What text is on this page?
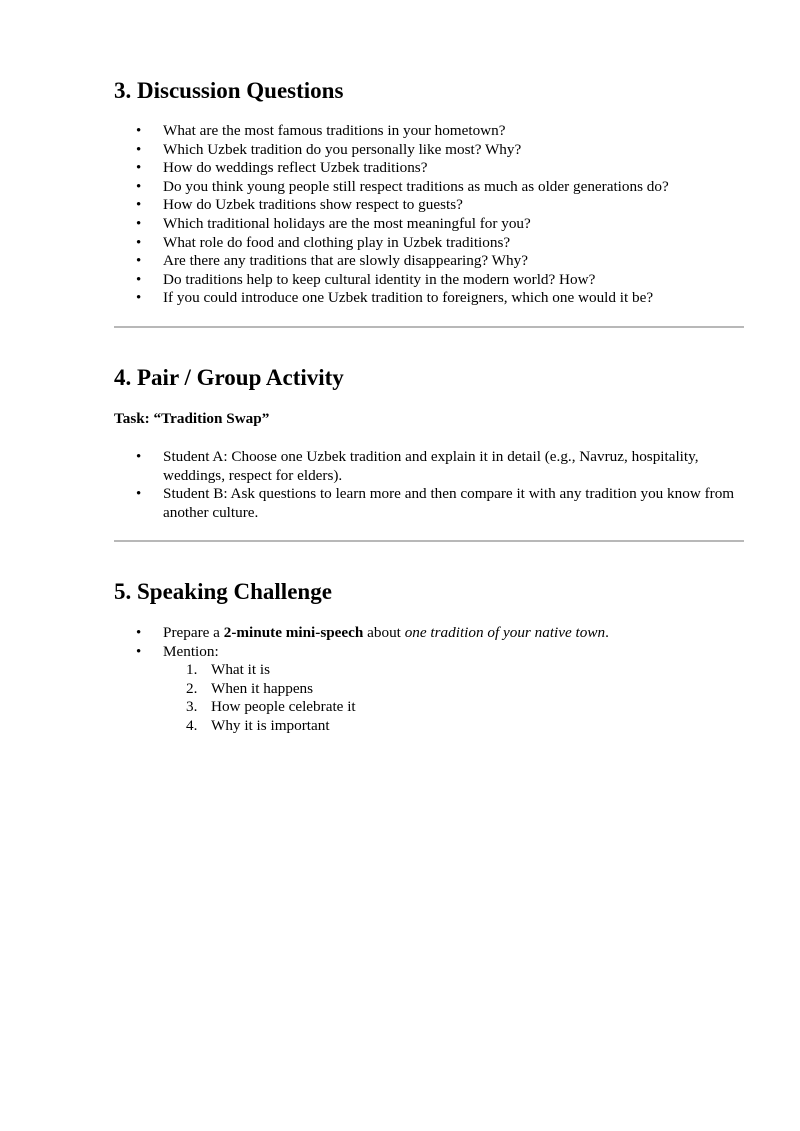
3. Discussion Questions
• What are the most famous traditions in your hometown?
• Which Uzbek tradition do you personally like most? Why?
• How do weddings reflect Uzbek traditions?
• Do you think young people still respect traditions as much as older generations do?
• How do Uzbek traditions show respect to guests?
• Which traditional holidays are the most meaningful for you?
• What role do food and clothing play in Uzbek traditions?
• Are there any traditions that are slowly disappearing? Why?
• Do traditions help to keep cultural identity in the modern world? How?
• If you could introduce one Uzbek tradition to foreigners, which one would it be?
4. Pair / Group Activity
Task: “Tradition Swap”
• Student A: Choose one Uzbek tradition and explain it in detail (e.g., Navruz, hospitality, weddings, respect for elders).
• Student B: Ask questions to learn more and then compare it with any tradition you know from another culture.
5. Speaking Challenge
• Prepare a 2-minute mini-speech about one tradition of your native town.
• Mention:
1. What it is
2. When it happens
3. How people celebrate it
4. Why it is important
